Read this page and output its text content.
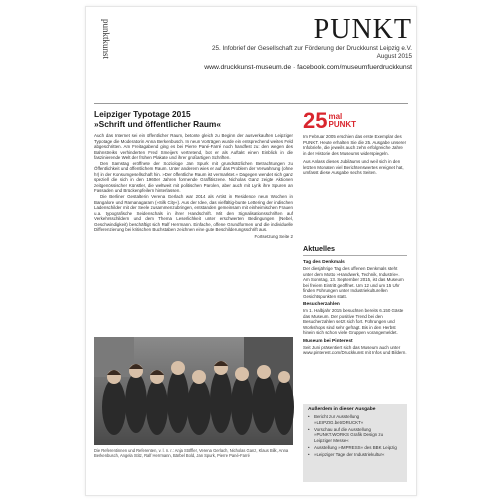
punktkunst	PUNKT
25. Infobrief der Gesellschaft zur Förderung der Druckkunst Leipzig e.V.
August 2015
www.druckkunst-museum.de · facebook.com/museumfuerdruckkunst
Leipziger Typotage 2015
»Schrift und öffentlicher Raum«

Auch das Internet sei ein öffentlicher Raum, betonte gleich zu Beginn der ausverkauften Leipziger Typotage die Moderatorin Anna Berkenbusch. In neun Vorträgen wurde ein entsprechend weites Feld abgeschritten. Am Freitagabend ging es bei Pierre Pané-Farré noch handfest zu: den wegen des Bahnstreiks verhinderten Fred Smeijers vertretend, bot er als Auftakt einen Einblick in die faszinierende Welt der frühen Plakate und ihrer großartigen Schriften.

Den Samstag eröffnete der Soziologe Jan Spurk mit grundsätzlichen Betrachtungen zu Öffentlichkeit und öffentlichem Raum. Unter anderem wies er auf das Problem der Verwahrung (ohne h!) in der Konsumgesellschaft hin. »Der öffentliche Raum ist vermarktet.« Dagegen wendet sich ganz speziell die sich in den 1960er Jahren formende Graffitiszene. Nicholas Ganz zeigte Aktionen zeitgenössischer Künstler, die weltweit mit politischen Parolen, aber auch mit Lyrik ihre Spuren an Fassaden und Brückenpfeilern hinterlassen.

Die Berliner Gestalterin Verena Gerlach war 2014 als Artist in Residence neun Wochen in Bangalore und Ramanagaram (»Silk City«). Aus der Idee, das vielfältig-bunte Lettering der indischen Ladenschilder mit der Seele zusammenzubringen, entstanden gemeinsam mit einheimischen Frauen u.a. typografische Seidenschals in ihrer Handschrift. Mit den Signalisationsschriften auf Verkehrsschildern und dem Thema Leserlichkeit unter erschwerten Bedingungen (Nebel, Geschwindigkeit) beschäftigt sich Ralf Herrmann. Einfache, offene Grundformen und die individuelle Differenzierung bei kritischen Buchstaben zeichnen eine gute Beschilderungsschrift aus.

Fortsetzung Seite 2
Die Referentinnen und Referenten, v. l. n. r.: Anja Stöffler, Verena Gerlach, Nicholas Ganz, Klaus Bilk, Anna Berkenbusch, Angela Stitz, Ralf Herrmann, Bärbel Bold, Jan Spurk, Pierre Pané-Farré
25mal
PUNKT

Im Februar 2005 erschien das erste Exemplar des PUNKT. Heute erhalten Sie die 25. Ausgabe unserer Infobriefe, die jeweils auch zehn erfolgreiche Jahre in der Historie des Museums widerspiegeln.

Aus Anlass dieses Jubiläums und weil sich in den letzten Monaten viel Berichtenswertes ereignet hat, umfasst diese Ausgabe sechs Seiten.

Aktuelles
Tag des Denkmals

Der diesjährige Tag des offenen Denkmals steht unter dem Motto »Handwerk, Technik, Industrie«. Am Sonntag, 13. September 2015, ist das Museum bei freiem Eintritt geöffnet. Um 12 und um 15 Uhr finden Führungen unter Industriekulturellen Gesichtspunkten statt.

Besucherzahlen

Im 1. Halbjahr 2015 besuchten bereits 6.150 Gäste das Museum. Der positive Trend bei den Besucherzahlen setzt sich fort. Führungen und Workshops sind sehr gefragt. Bis in den Herbst hinein sich schon viele Gruppen vorangemeldet.

Museum bei Pinterest

Seit Juni präsentiert sich das Museum auch unter www.pinterest.com/Druckkunst mit Infos und Bildern.

Außerdem in dieser Ausgabe
• Bericht zur Ausstellung »LEIPZIG.betrDRUCKT«
• Vorschau auf die Ausstellung »PUNKT.WORKS Grafik Design zu Leipziger Messe«
• Ausstellung »IMPRESS« des BBK Leipzig
• »Leipziger Tage der Industriekultur«
